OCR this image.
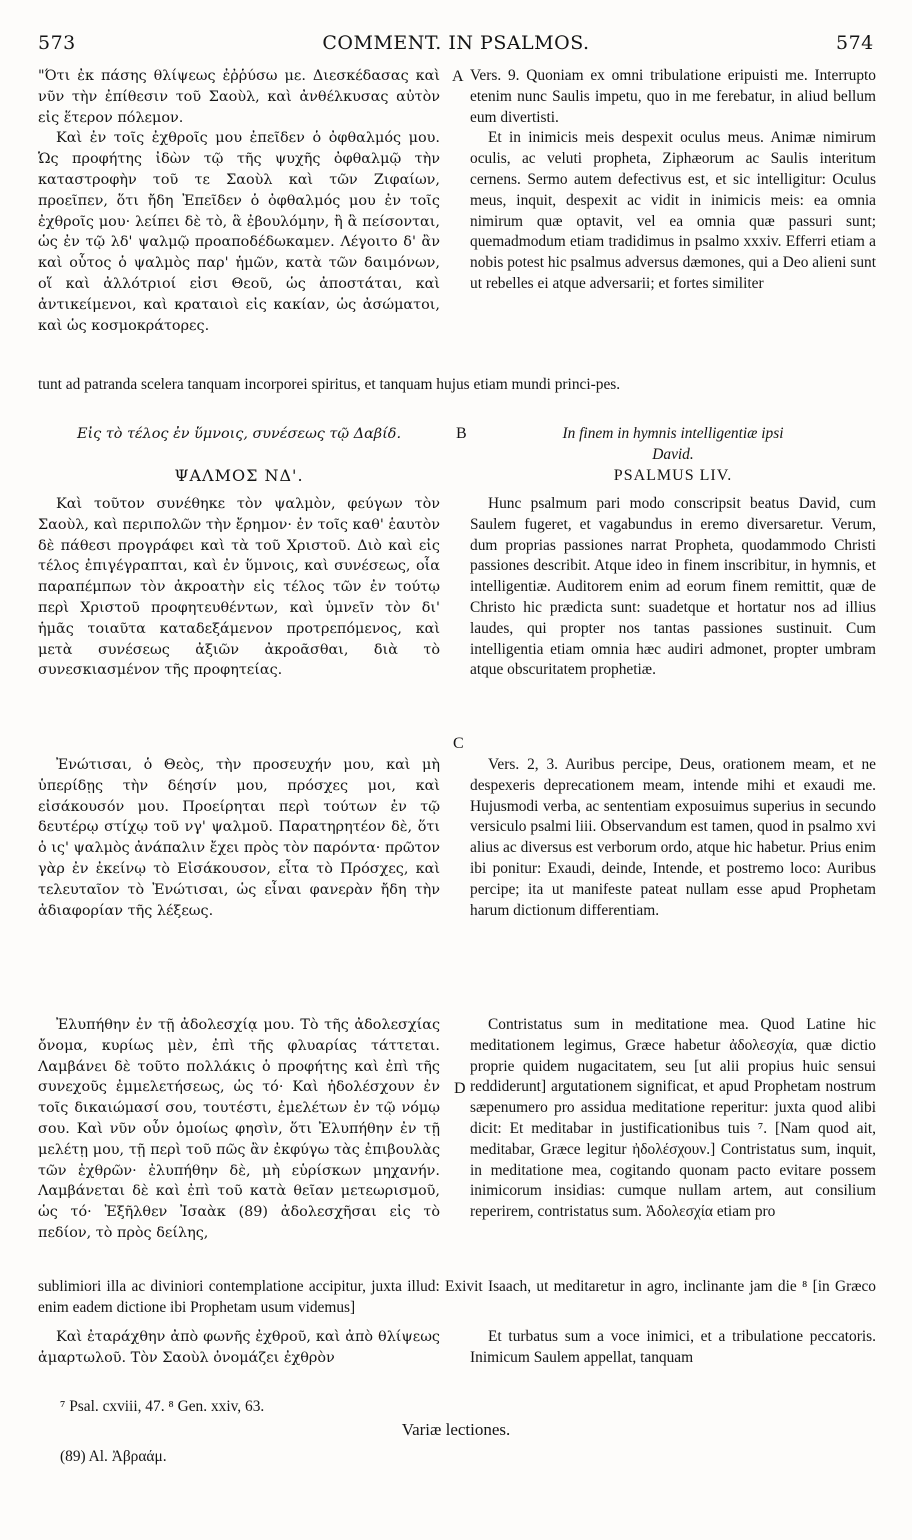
573	COMMENT. IN PSALMOS.	574
A
B
C
D

"Ότι ἐκ πάσης θλίψεως ἐῤῥύσω με. Διεσκέδασας καὶ νῦν τὴν ἐπίθεσιν τοῦ Σαοὺλ, καὶ ἀνθέλκυσας αὐτὸν εἰς ἕτερον πόλεμον.

Καὶ ἐν τοῖς ἐχθροῖς μου ἐπεῖδεν ὁ ὀφθαλμός μου. Ὡς προφήτης ἰδὼν τῷ τῆς ψυχῆς ὀφθαλμῷ τὴν καταστροφὴν τοῦ τε Σαοὺλ καὶ τῶν Ζιφαίων, προεῖπεν, ὅτι ἤδη Ἐπεῖδεν ὁ ὀφθαλμός μου ἐν τοῖς ἐχθροῖς μου· λείπει δὲ τὸ, ἃ ἐβουλόμην, ἢ ἃ πείσονται, ὡς ἐν τῷ λδ' ψαλμῷ προαποδέδωκαμεν. Λέγοιτο δ' ἂν καὶ οὗτος ὁ ψαλμὸς παρ' ἡμῶν, κατὰ τῶν δαιμόνων, οἵ καὶ ἀλλότριοί εἰσι Θεοῦ, ὡς ἀποστάται, καὶ ἀντικείμενοι, καὶ κραταιοὶ εἰς κακίαν, ὡς ἀσώματοι, καὶ ὡς κοσμοκράτορες.

Vers. 9. Quoniam ex omni tribulatione eripuisti me. Interrupto etenim nunc Saulis impetu, quo in me ferebatur, in aliud bellum eum divertisti.

Et in inimicis meis despexit oculus meus. Animæ nimirum oculis, ac veluti propheta, Ziphæorum ac Saulis interitum cernens. Sermo autem defectivus est, et sic intelligitur: Oculus meus, inquit, despexit ac vidit in inimicis meis: ea omnia nimirum quæ optavit, vel ea omnia quæ passuri sunt; quemadmodum etiam tradidimus in psalmo xxxiv. Efferri etiam a nobis potest hic psalmus adversus dæmones, qui a Deo alieni sunt ut rebelles ei atque adversarii; et fortes similiter

tunt ad patranda scelera tanquam incorporei spiritus, et tanquam hujus etiam mundi princi-pes.
Εἰς τὸ τέλος ἐν ὕμνοις, συνέσεως τῷ Δαβίδ.
ΨΑΛΜΟΣ ΝΔ'.
In finem in hymnis intelligentiæ ipsi
David.
PSALMUS LIV.
Καὶ τοῦτον συνέθηκε τὸν ψαλμὸν, φεύγων τὸν Σαοὺλ, καὶ περιπολῶν τὴν ἔρημον· ἐν τοῖς καθ' ἑαυτὸν δὲ πάθεσι προγράφει καὶ τὰ τοῦ Χριστοῦ. Διὸ καὶ εἰς τέλος ἐπιγέγραπται, καὶ ἐν ὕμνοις, καὶ συνέσεως, οἷα παραπέμπων τὸν ἀκροατὴν εἰς τέλος τῶν ἐν τούτῳ περὶ Χριστοῦ προφητευθέντων, καὶ ὑμνεῖν τὸν δι' ἡμᾶς τοιαῦτα καταδεξάμενον προτρεπόμενος, καὶ μετὰ συνέσεως ἀξιῶν ἀκροᾶσθαι, διὰ τὸ συνεσκιασμένον τῆς προφητείας.
Hunc psalmum pari modo conscripsit beatus David, cum Saulem fugeret, et vagabundus in eremo diversaretur. Verum, dum proprias passiones narrat Propheta, quodammodo Christi passiones describit. Atque ideo in finem inscribitur, in hymnis, et intelligentiæ. Auditorem enim ad eorum finem remittit, quæ de Christo hic prædicta sunt: suadetque et hortatur nos ad illius laudes, qui propter nos tantas passiones sustinuit. Cum intelligentia etiam omnia hæc audiri admonet, propter umbram atque obscuritatem prophetiæ.
Ἐνώτισαι, ὁ Θεὸς, τὴν προσευχήν μου, καὶ μὴ ὑπερίδῃς τὴν δέησίν μου, πρόσχες μοι, καὶ εἰσάκουσόν μου. Προείρηται περὶ τούτων ἐν τῷ δευτέρῳ στίχῳ τοῦ νγ' ψαλμοῦ. Παρατηρητέον δὲ, ὅτι ὁ ις' ψαλμὸς ἀνάπαλιν ἔχει πρὸς τὸν παρόντα· πρῶτον γὰρ ἐν ἐκείνῳ τὸ Εἰσάκουσον, εἶτα τὸ Πρόσχες, καὶ τελευταῖον τὸ Ἐνώτισαι, ὡς εἶναι φανερὰν ἤδη τὴν ἀδιαφορίαν τῆς λέξεως.
Vers. 2, 3. Auribus percipe, Deus, orationem meam, et ne despexeris deprecationem meam, intende mihi et exaudi me. Hujusmodi verba, ac sententiam exposuimus superius in secundo versiculo psalmi liii. Observandum est tamen, quod in psalmo xvi alius ac diversus est verborum ordo, atque hic habetur. Prius enim ibi ponitur: Exaudi, deinde, Intende, et postremo loco: Auribus percipe; ita ut manifeste pateat nullam esse apud Prophetam harum dictionum differentiam.
Ἐλυπήθην ἐν τῇ ἀδολεσχίᾳ μου. Τὸ τῆς ἀδολεσχίας ὄνομα, κυρίως μὲν, ἐπὶ τῆς φλυαρίας τάττεται. Λαμβάνει δὲ τοῦτο πολλάκις ὁ προφήτης καὶ ἐπὶ τῆς συνεχοῦς ἐμμελετήσεως, ὡς τό· Καὶ ἠδολέσχουν ἐν τοῖς δικαιώμασί σου, τουτέστι, ἐμελέτων ἐν τῷ νόμῳ σου. Καὶ νῦν οὖν ὁμοίως φησὶν, ὅτι Ἐλυπήθην ἐν τῇ μελέτῃ μου, τῇ περὶ τοῦ πῶς ἂν ἐκφύγω τὰς ἐπιβουλὰς τῶν ἐχθρῶν· ἐλυπήθην δὲ, μὴ εὑρίσκων μηχανήν. Λαμβάνεται δὲ καὶ ἐπὶ τοῦ κατὰ θεῖαν μετεωρισμοῦ, ὡς τό· Ἐξῆλθεν Ἰσαὰκ (89) ἀδολεσχῆσαι εἰς τὸ πεδίον, τὸ πρὸς δείλης,
Contristatus sum in meditatione mea. Quod Latine hic meditationem legimus, Græce habetur ἀδολεσχία, quæ dictio proprie quidem nugacitatem, seu [ut alii propius huic sensui reddiderunt] argutationem significat, et apud Prophetam nostrum sæpenumero pro assidua meditatione reperitur: juxta quod alibi dicit: Et meditabar in justificationibus tuis ⁷. [Nam quod ait, meditabar, Græce legitur ἠδολέσχουν.] Contristatus sum, inquit, in meditatione mea, cogitando quonam pacto evitare possem inimicorum insidias: cumque nullam artem, aut consilium reperirem, contristatus sum. Ἀδολεσχία etiam pro
sublimiori illa ac diviniori contemplatione accipitur, juxta illud: Exivit Isaach, ut meditaretur in agro, inclinante jam die ⁸ [in Græco enim eadem dictione ibi Prophetam usum videmus]
Καὶ ἐταράχθην ἀπὸ φωνῆς ἐχθροῦ, καὶ ἀπὸ θλίψεως ἁμαρτωλοῦ. Τὸν Σαοὺλ ὀνομάζει ἐχθρὸν
Et turbatus sum a voce inimici, et a tribulatione peccatoris. Inimicum Saulem appellat, tanquam
⁷ Psal. cxviii, 47. ⁸ Gen. xxiv, 63.
Variæ lectiones.
(89) Al. Ἀβραάμ.
